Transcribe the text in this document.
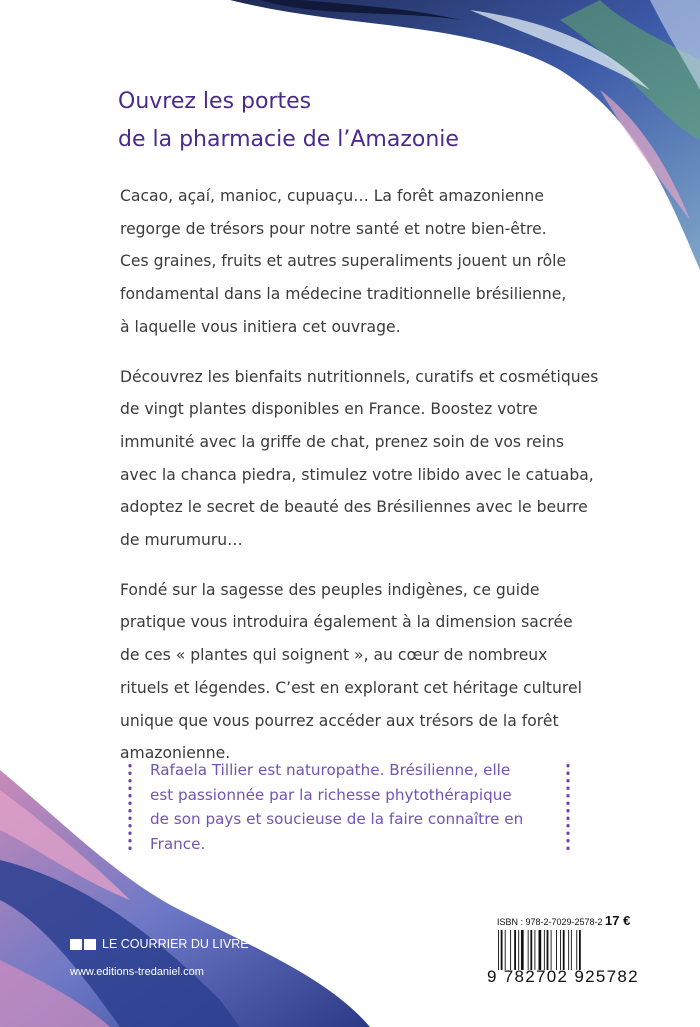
Ouvrez les portes
de la pharmacie de l’Amazonie
Cacao, açaí, manioc, cupuaçu… La forêt amazonienne
regorge de trésors pour notre santé et notre bien-être.
Ces graines, fruits et autres superaliments jouent un rôle
fondamental dans la médecine traditionnelle brésilienne,
à laquelle vous initiera cet ouvrage.
Découvrez les bienfaits nutritionnels, curatifs et cosmétiques
de vingt plantes disponibles en France. Boostez votre
immunité avec la griffe de chat, prenez soin de vos reins
avec la chanca piedra, stimulez votre libido avec le catuaba,
adoptez le secret de beauté des Brésiliennes avec le beurre
de murumuru…
Fondé sur la sagesse des peuples indigènes, ce guide
pratique vous introduira également à la dimension sacrée
de ces « plantes qui soignent », au cœur de nombreux
rituels et légendes. C’est en explorant cet héritage culturel
unique que vous pourrez accéder aux trésors de la forêt
amazonienne.
Rafaela Tillier est naturopathe. Brésilienne, elle
est passionnée par la richesse phytothérapique
de son pays et soucieuse de la faire connaître en
France.
LE COURRIER DU LIVRE
www.editions-tredaniel.com
ISBN : 978-2-7029-2578-2 17 €
9 782702 925782
